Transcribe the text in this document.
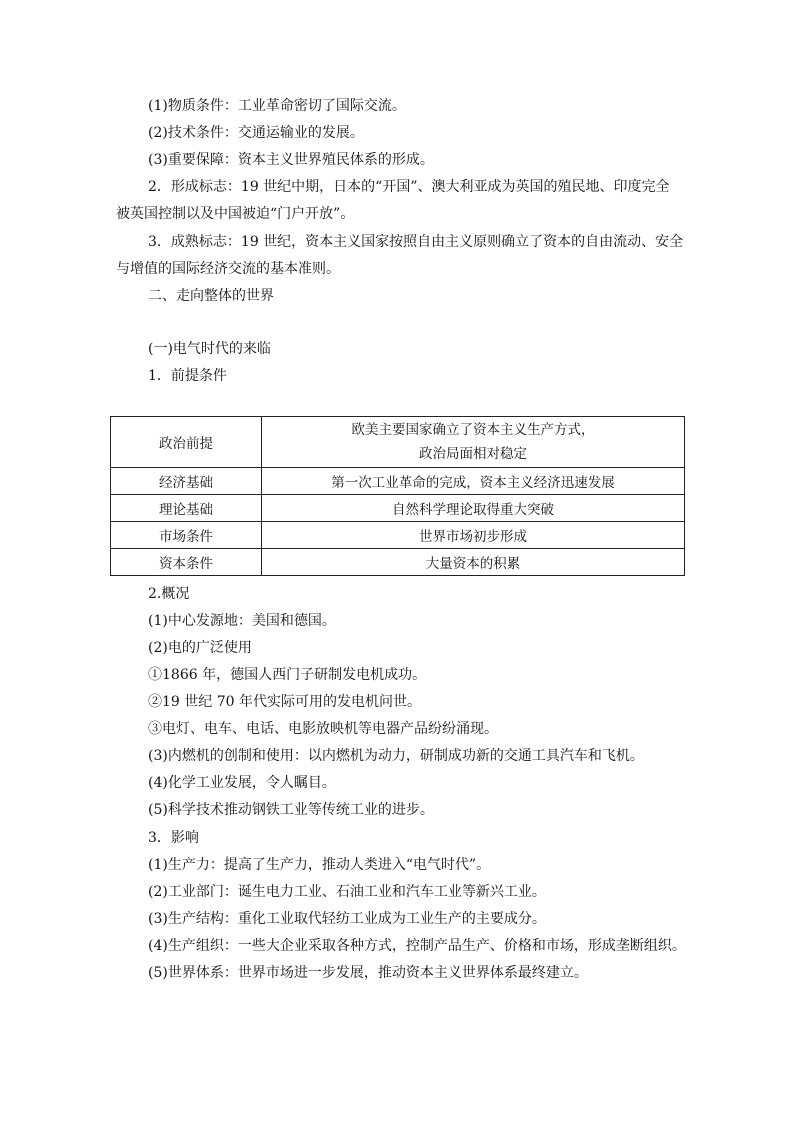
(1)物质条件：工业革命密切了国际交流。
(2)技术条件：交通运输业的发展。
(3)重要保障：资本主义世界殖民体系的形成。
2．形成标志：19 世纪中期，日本的“开国”、澳大利亚成为英国的殖民地、印度完全
被英国控制以及中国被迫“门户开放”。
3．成熟标志：19 世纪，资本主义国家按照自由主义原则确立了资本的自由流动、安全
与增值的国际经济交流的基本准则。
二、走向整体的世界
(一)电气时代的来临
1．前提条件
政治前提	欧美主要国家确立了资本主义生产方式，
政治局面相对稳定

经济基础	第一次工业革命的完成，资本主义经济迅速发展
理论基础	自然科学理论取得重大突破
市场条件	世界市场初步形成
资本条件	大量资本的积累
2.概况
(1)中心发源地：美国和德国。
(2)电的广泛使用
①1866 年，德国人西门子研制发电机成功。
②19 世纪 70 年代实际可用的发电机问世。
③电灯、电车、电话、电影放映机等电器产品纷纷涌现。
(3)内燃机的创制和使用：以内燃机为动力，研制成功新的交通工具汽车和飞机。
(4)化学工业发展，令人瞩目。
(5)科学技术推动钢铁工业等传统工业的进步。
3．影响
(1)生产力：提高了生产力，推动人类进入“电气时代”。
(2)工业部门：诞生电力工业、石油工业和汽车工业等新兴工业。
(3)生产结构：重化工业取代轻纺工业成为工业生产的主要成分。
(4)生产组织：一些大企业采取各种方式，控制产品生产、价格和市场，形成垄断组织。
(5)世界体系：世界市场进一步发展，推动资本主义世界体系最终建立。
